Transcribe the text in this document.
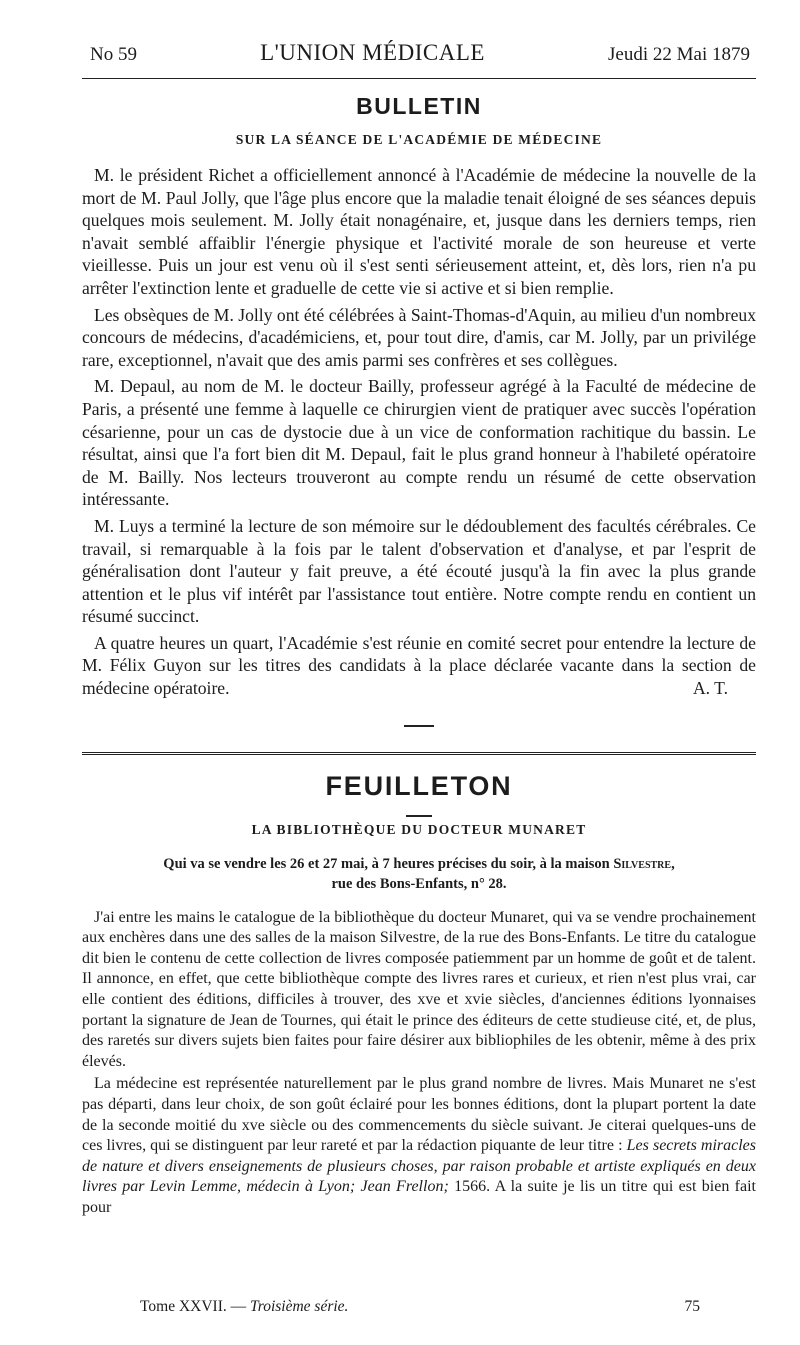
No 59	L'UNION MÉDICALE	Jeudi 22 Mai 1879
BULLETIN
SUR LA SÉANCE DE L'ACADÉMIE DE MÉDECINE

M. le président Richet a officiellement annoncé à l'Académie de médecine la nouvelle de la mort de M. Paul Jolly, que l'âge plus encore que la maladie tenait éloigné de ses séances depuis quelques mois seulement. M. Jolly était nonagénaire, et, jusque dans les derniers temps, rien n'avait semblé affaiblir l'énergie physique et l'activité morale de son heureuse et verte vieillesse. Puis un jour est venu où il s'est senti sérieusement atteint, et, dès lors, rien n'a pu arrêter l'extinction lente et graduelle de cette vie si active et si bien remplie.

Les obsèques de M. Jolly ont été célébrées à Saint-Thomas-d'Aquin, au milieu d'un nombreux concours de médecins, d'académiciens, et, pour tout dire, d'amis, car M. Jolly, par un privilége rare, exceptionnel, n'avait que des amis parmi ses confrères et ses collègues.

M. Depaul, au nom de M. le docteur Bailly, professeur agrégé à la Faculté de médecine de Paris, a présenté une femme à laquelle ce chirurgien vient de pratiquer avec succès l'opération césarienne, pour un cas de dystocie due à un vice de conformation rachitique du bassin. Le résultat, ainsi que l'a fort bien dit M. Depaul, fait le plus grand honneur à l'habileté opératoire de M. Bailly. Nos lecteurs trouveront au compte rendu un résumé de cette observation intéressante.

M. Luys a terminé la lecture de son mémoire sur le dédoublement des facultés cérébrales. Ce travail, si remarquable à la fois par le talent d'observation et d'analyse, et par l'esprit de généralisation dont l'auteur y fait preuve, a été écouté jusqu'à la fin avec la plus grande attention et le plus vif intérêt par l'assistance tout entière. Notre compte rendu en contient un résumé succinct.

A quatre heures un quart, l'Académie s'est réunie en comité secret pour entendre la lecture de M. Félix Guyon sur les titres des candidats à la place déclarée vacante dans la section de médecine opératoire.	A. T.

FEUILLETON
LA BIBLIOTHÈQUE DU DOCTEUR MUNARET
Qui va se vendre les 26 et 27 mai, à 7 heures précises du soir, à la maison Silvestre,
rue des Bons-Enfants, n° 28.

J'ai entre les mains le catalogue de la bibliothèque du docteur Munaret, qui va se vendre prochainement aux enchères dans une des salles de la maison Silvestre, de la rue des Bons-Enfants. Le titre du catalogue dit bien le contenu de cette collection de livres composée patiemment par un homme de goût et de talent. Il annonce, en effet, que cette bibliothèque compte des livres rares et curieux, et rien n'est plus vrai, car elle contient des éditions, difficiles à trouver, des xve et xvie siècles, d'anciennes éditions lyonnaises portant la signature de Jean de Tournes, qui était le prince des éditeurs de cette studieuse cité, et, de plus, des raretés sur divers sujets bien faites pour faire désirer aux bibliophiles de les obtenir, même à des prix élevés.

La médecine est représentée naturellement par le plus grand nombre de livres. Mais Munaret ne s'est pas départi, dans leur choix, de son goût éclairé pour les bonnes éditions, dont la plupart portent la date de la seconde moitié du xve siècle ou des commencements du siècle suivant. Je citerai quelques-uns de ces livres, qui se distinguent par leur rareté et par la rédaction piquante de leur titre : Les secrets miracles de nature et divers enseignements de plusieurs choses, par raison probable et artiste expliqués en deux livres par Levin Lemme, médecin à Lyon; Jean Frellon; 1566. A la suite je lis un titre qui est bien fait pour

Tome XXVII. — Troisième série.	75
